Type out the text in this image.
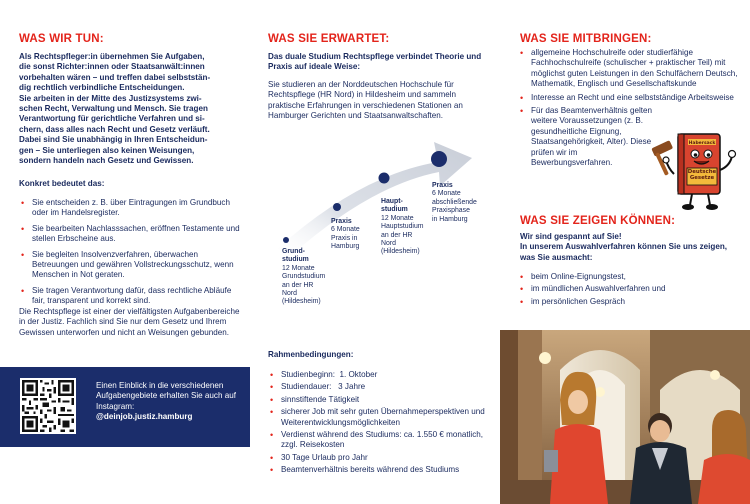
WAS WIR TUN:

Als Rechtspfleger:in übernehmen Sie Aufgaben,

die sonst Richter:innen oder Staatsanwält:innen

vorbehalten wären – und treffen dabei selbststän-

dig rechtlich verbindliche Entscheidungen.

Sie arbeiten in der Mitte des Justizsystems zwi-

schen Recht, Verwaltung und Mensch. Sie tragen

Verantwortung für gerichtliche Verfahren und si-

chern, dass alles nach Recht und Gesetz verläuft.

Dabei sind Sie unabhängig in Ihren Entscheidun-

gen – Sie unterliegen also keinen Weisungen,

sondern handeln nach Gesetz und Gewissen.

Konkret bedeutet das:

• Sie entscheiden z. B. über Eintragungen im Grundbuch oder im Handelsregister.
• Sie bearbeiten Nachlasssachen, eröffnen Testamente und stellen Erbscheine aus.
• Sie begleiten Insolvenzverfahren, überwachen Betreuungen und gewähren Vollstreckungsschutz, wenn Menschen in Not geraten.
• Sie tragen Verantwortung dafür, dass rechtliche Abläufe fair, transparent und korrekt sind.

Die Rechtspflege ist einer der vielfältigsten Aufgabenbereiche in der Justiz. Fachlich sind Sie nur dem Gesetz und Ihrem Gewissen unterworfen und nicht an Weisungen gebunden.

Einen Einblick in die verschiedenen Aufgabengebiete erhalten Sie auch auf Instagram:
@deinjob.justiz.hamburg
WAS SIE ERWARTET:

Das duale Studium Rechtspflege verbindet Theorie und Praxis auf ideale Weise:

Sie studieren an der Norddeutschen Hochschule für Rechtspflege (HR Nord) in Hildesheim und sammeln praktische Erfahrungen in verschiedenen Stationen an Hamburger Gerichten und Staatsanwaltschaften.

Grund-
studium
12 Monate
Grundstudium
an der HR
Nord
(Hildesheim)
Praxis
6 Monate
Praxis in
Hamburg
Haupt-
studium
12 Monate
Hauptstudium
an der HR
Nord
(Hildesheim)
Praxis
6 Monate
abschließende
Praxisphase
in Hamburg

Rahmenbedingungen:

• Studienbeginn:  1. Oktober
• Studiendauer:   3 Jahre
• sinnstiftende Tätigkeit
• sicherer Job mit sehr guten Übernahmeperspektiven und Weiterentwicklungsmöglichkeiten
• Verdienst während des Studiums: ca. 1.550 € monatlich, zzgl. Reisekosten
• 30 Tage Urlaub pro Jahr
• Beamtenverhältnis bereits während des Studiums
WAS SIE MITBRINGEN:
• allgemeine Hochschulreife oder studierfähige Fachhochschulreife (schulischer + praktischer Teil) mit möglichst guten Leistungen in den Schulfächern Deutsch, Mathematik, Englisch und Gesellschaftskunde
• Interesse an Recht und eine selbstständige Arbeitsweise
• Für das Beamtenverhältnis gelten weitere Voraussetzungen (z. B. gesundheitliche Eignung, Staatsangehörigkeit, Alter). Diese prüfen wir im Bewerbungsverfahren.
Habersack
Deutsche Gesetze
WAS SIE ZEIGEN KÖNNEN:

Wir sind gespannt auf Sie!

In unserem Auswahlverfahren können Sie uns zeigen, was Sie ausmacht:

• beim Online-Eignungstest,
• im mündlichen Auswahlverfahren und
• im persönlichen Gespräch
